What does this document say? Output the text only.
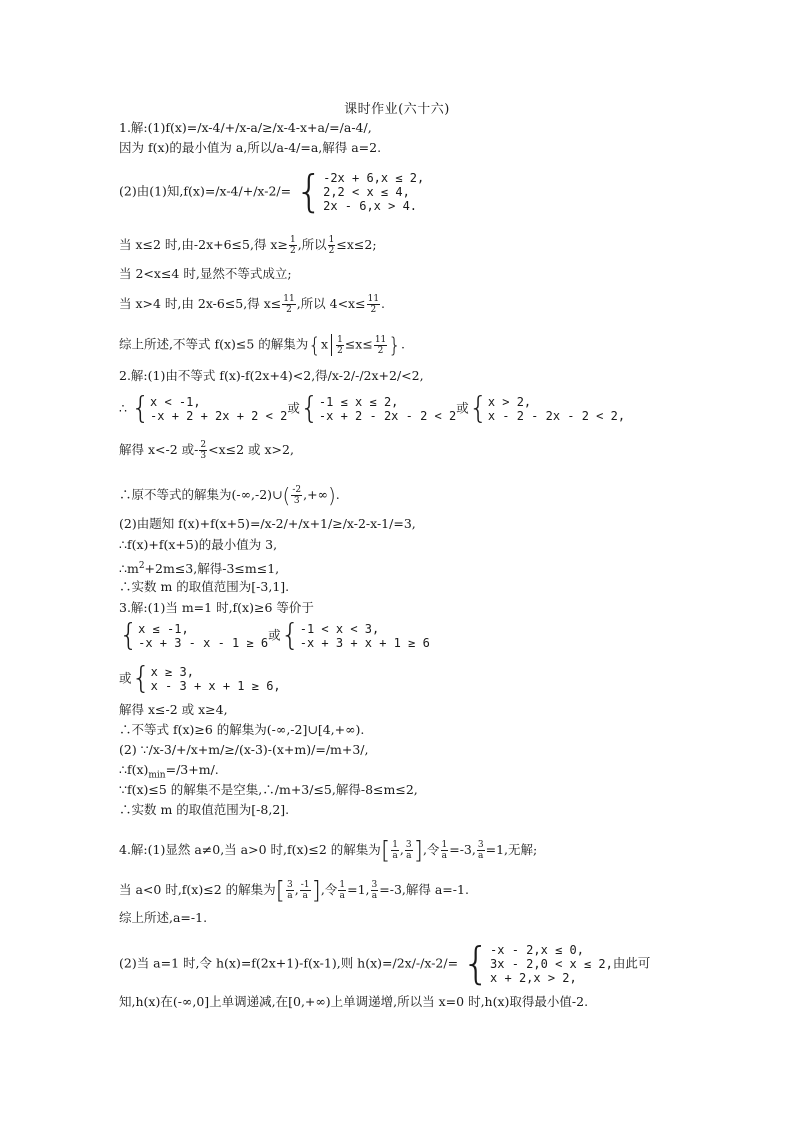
课时作业(六十六)
1.解:(1)f(x)=/x-4/+/x-a/≥/x-4-x+a/=/a-4/,
因为 f(x)的最小值为 a,所以/a-4/=a,解得 a=2.
(2)由(1)知,f(x)=/x-4/+/x-2/= { -2x + 6,x ≤ 2,
2,2 < x ≤ 4,
2x - 6,x > 4.
当 x≤2 时,由-2x+6≤5,得 $x\ge \frac{1}{2}$ ,所以 $\frac{1}{2} \le x\le 2$;
当 2<x≤4 时,显然不等式成立;
当 x>4 时,由 2x-6≤5,得 $x\le \frac{11}{2}$ ,所以 $4<x\le \frac{11}{2}$ .
综上所述,不等式 f(x)≤5 的解集为{$x \frac{1}{2} \le x\le \frac{11}{2}$ }.
2.解:(1)由不等式 f(x)-f(2x+4)<2,得/x-2/-/2x+2/<2,
∴ { x < -1,
-x + 2 + 2x + 2 < 2
或 { -1 ≤ x ≤ 2,
-x + 2 - 2x - 2 < 2
或 { x > 2,
x - 2 - 2x - 2 < 2,
解得 x<-2 或- $\frac{2}{3} <x\le 2$ 或 x>2,
∴原不等式的解集为(-∞,-2)∪( $\frac{-2}{3}$ ,+∞).
(2)由题知 f(x)+f(x+5)=/x-2/+/x+1/≥/x-2-x-1/=3,
∴f(x)+f(x+5)的最小值为 3,
$\therefore m^2+2m\le 3$,解得-3≤m≤1,
∴实数 m 的取值范围为[-3,1].
3.解:(1)当 m=1 时,f(x)≥6 等价于
{ x ≤ -1,
-x + 3 - x - 1 ≥ 6
或 { -1 < x < 3,
-x + 3 + x + 1 ≥ 6
或 { x ≥ 3,
x - 3 + x + 1 ≥ 6,
解得 x≤-2 或 x≥4,
∴不等式 f(x)≥6 的解集为(-∞,-2]∪[4,+∞).
(2) ∵/x-3/+/x+m/≥/(x-3)-(x+m)/=/m+3/,
$\therefore f(x)_{min}=/3+m/$.
∵f(x)≤5 的解集不是空集,∴/m+3/≤5,解得-8≤m≤2,
∴实数 m 的取值范围为[-8,2].
4.解:(1)显然 a≠0,当 a>0 时,f(x)≤2 的解集为[ $\frac{1}{a}$ , $\frac{3}{a}$ ],令 $\frac{1}{a} =-3$, $\frac{3}{a} =1$,无解;
当 a<0 时,f(x)≤2 的解集为[ $\frac{3}{a}$ , $\frac{-1}{a}$ ],令 $\frac{1}{a} =1$, $\frac{3}{a} =-3$,解得 a=-1.
综上所述,a=-1.
(2)当 a=1 时,令 h(x)=f(2x+1)-f(x-1),则 h(x)=/2x/-/x-2/= { -x - 2,x ≤ 0,
3x - 2,0 < x ≤ 2,
x + 2,x > 2,
由此可
知,h(x)在(-∞,0]上单调递减,在[0,+∞)上单调递增,所以当 x=0 时,h(x)取得最小值-2.
